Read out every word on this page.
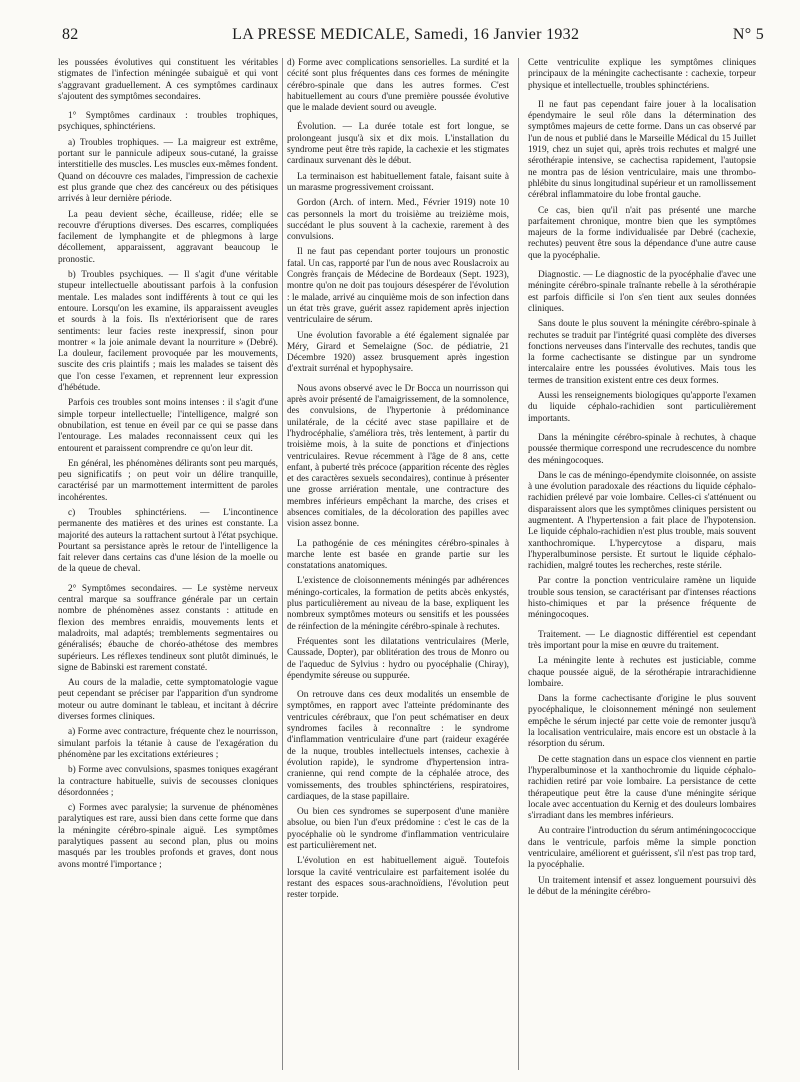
82	LA PRESSE MEDICALE, Samedi, 16 Janvier 1932	N° 5

les poussées évolutives qui constituent les véritables stigmates de l'infection méningée subaiguë et qui vont s'aggravant graduellement. A ces symptômes cardinaux s'ajoutent des symptômes secondaires.

1° Symptômes cardinaux : troubles trophiques, psychiques, sphinctériens.

a) Troubles trophiques. — La maigreur est extrême, portant sur le pannicule adipeux sous-cutané, la graisse interstitielle des muscles. Les muscles eux-mêmes fondent. Quand on découvre ces malades, l'impression de cachexie est plus grande que chez des cancéreux ou des pétisiques arrivés à leur dernière période.

La peau devient sèche, écailleuse, ridée; elle se recouvre d'éruptions diverses. Des escarres, compliquées facilement de lymphangite et de phlegmons à large décollement, apparaissent, aggravant beaucoup le pronostic.

b) Troubles psychiques. — Il s'agit d'une véritable stupeur intellectuelle aboutissant parfois à la confusion mentale. Les malades sont indifférents à tout ce qui les entoure. Lorsqu'on les examine, ils apparaissent aveugles et sourds à la fois. Ils n'extériorisent que de rares sentiments: leur facies reste inexpressif, sinon pour montrer « la joie animale devant la nourriture » (Debré). La douleur, facilement provoquée par les mouvements, suscite des cris plaintifs ; mais les malades se taisent dès que l'on cesse l'examen, et reprennent leur expression d'hébétude.

Parfois ces troubles sont moins intenses : il s'agit d'une simple torpeur intellectuelle; l'intelligence, malgré son obnubilation, est tenue en éveil par ce qui se passe dans l'entourage. Les malades reconnaissent ceux qui les entourent et paraissent comprendre ce qu'on leur dit.

En général, les phénomènes délirants sont peu marqués, peu significatifs ; on peut voir un délire tranquille, caractérisé par un marmottement intermittent de paroles incohérentes.

c) Troubles sphinctériens. — L'incontinence permanente des matières et des urines est constante. La majorité des auteurs la rattachent surtout à l'état psychique. Pourtant sa persistance après le retour de l'intelligence la fait relever dans certains cas d'une lésion de la moelle ou de la queue de cheval.

2° Symptômes secondaires. — Le système nerveux central marque sa souffrance générale par un certain nombre de phénomènes assez constants : attitude en flexion des membres enraidis, mouvements lents et maladroits, mal adaptés; tremblements segmentaires ou généralisés; ébauche de choréo-athétose des membres supérieurs. Les réflexes tendineux sont plutôt diminués, le signe de Babinski est rarement constaté.

Au cours de la maladie, cette symptomatologie vague peut cependant se préciser par l'apparition d'un syndrome moteur ou autre dominant le tableau, et incitant à décrire diverses formes cliniques.

a) Forme avec contracture, fréquente chez le nourrisson, simulant parfois la tétanie à cause de l'exagération du phénomène par les excitations extérieures ;

b) Forme avec convulsions, spasmes toniques exagérant la contracture habituelle, suivis de secousses cloniques désordonnées ;

c) Formes avec paralysie; la survenue de phénomènes paralytiques est rare, aussi bien dans cette forme que dans la méningite cérébro-spinale aiguë. Les symptômes paralytiques passent au second plan, plus ou moins masqués par les troubles profonds et graves, dont nous avons montré l'importance ;

d) Forme avec complications sensorielles. La surdité et la cécité sont plus fréquentes dans ces formes de méningite cérébro-spinale que dans les autres formes. C'est habituellement au cours d'une première poussée évolutive que le malade devient sourd ou aveugle.

Évolution. — La durée totale est fort longue, se prolongeant jusqu'à six et dix mois. L'installation du syndrome peut être très rapide, la cachexie et les stigmates cardinaux survenant dès le début.

La terminaison est habituellement fatale, faisant suite à un marasme progressivement croissant.

Gordon (Arch. of intern. Med., Février 1919) note 10 cas personnels la mort du troisième au treizième mois, succédant le plus souvent à la cachexie, rarement à des convulsions.

Il ne faut pas cependant porter toujours un pronostic fatal. Un cas, rapporté par l'un de nous avec Rouslacroix au Congrès français de Médecine de Bordeaux (Sept. 1923), montre qu'on ne doit pas toujours désespérer de l'évolution : le malade, arrivé au cinquième mois de son infection dans un état très grave, guérit assez rapidement après injection ventriculaire de sérum.

Une évolution favorable a été également signalée par Méry, Girard et Semelaigne (Soc. de pédiatrie, 21 Décembre 1920) assez brusquement après ingestion d'extrait surrénal et hypophysaire.

Nous avons observé avec le Dr Bocca un nourrisson qui après avoir présenté de l'amaigrissement, de la somnolence, des convulsions, de l'hypertonie à prédominance unilatérale, de la cécité avec stase papillaire et de l'hydrocéphalie, s'améliora très, très lentement, à partir du troisième mois, à la suite de ponctions et d'injections ventriculaires. Revue récemment à l'âge de 8 ans, cette enfant, à puberté très précoce (apparition récente des règles et des caractères sexuels secondaires), continue à présenter une grosse arriération mentale, une contracture des membres inférieurs empêchant la marche, des crises et absences comitiales, de la décoloration des papilles avec vision assez bonne.

La pathogénie de ces méningites cérébro-spinales à marche lente est basée en grande partie sur les constatations anatomiques.

L'existence de cloisonnements méningés par adhérences méningo-corticales, la formation de petits abcès enkystés, plus particulièrement au niveau de la base, expliquent les nombreux symptômes moteurs ou sensitifs et les poussées de réinfection de la méningite cérébro-spinale à rechutes.

Fréquentes sont les dilatations ventriculaires (Merle, Caussade, Dopter), par oblitération des trous de Monro ou de l'aqueduc de Sylvius : hydro ou pyocéphalie (Chiray), épendymite séreuse ou suppurée.

On retrouve dans ces deux modalités un ensemble de symptômes, en rapport avec l'atteinte prédominante des ventricules cérébraux, que l'on peut schématiser en deux syndromes faciles à reconnaître : le syndrome d'inflammation ventriculaire d'une part (raideur exagérée de la nuque, troubles intellectuels intenses, cachexie à évolution rapide), le syndrome d'hypertension intra-cranienne, qui rend compte de la céphalée atroce, des vomissements, des troubles sphinctériens, respiratoires, cardiaques, de la stase papillaire.

Ou bien ces syndromes se superposent d'une manière absolue, ou bien l'un d'eux prédomine : c'est le cas de la pyocéphalie où le syndrome d'inflammation ventriculaire est particulièrement net.

L'évolution en est habituellement aiguë. Toutefois lorsque la cavité ventriculaire est parfaitement isolée du restant des espaces sous-arachnoïdiens, l'évolution peut rester torpide.

Cette ventriculite explique les symptômes cliniques principaux de la méningite cachectisante : cachexie, torpeur physique et intellectuelle, troubles sphinctériens.

Il ne faut pas cependant faire jouer à la localisation épendymaire le seul rôle dans la détermination des symptômes majeurs de cette forme. Dans un cas observé par l'un de nous et publié dans le Marseille Médical du 15 Juillet 1919, chez un sujet qui, après trois rechutes et malgré une sérothérapie intensive, se cachectisa rapidement, l'autopsie ne montra pas de lésion ventriculaire, mais une thrombo-phlébite du sinus longitudinal supérieur et un ramollissement cérébral inflammatoire du lobe frontal gauche.

Ce cas, bien qu'il n'ait pas présenté une marche parfaitement chronique, montre bien que les symptômes majeurs de la forme individualisée par Debré (cachexie, rechutes) peuvent être sous la dépendance d'une autre cause que la pyocéphalie.

Diagnostic. — Le diagnostic de la pyocéphalie d'avec une méningite cérébro-spinale traînante rebelle à la sérothérapie est parfois difficile si l'on s'en tient aux seules données cliniques.

Sans doute le plus souvent la méningite cérébro-spinale à rechutes se traduit par l'intégrité quasi complète des diverses fonctions nerveuses dans l'intervalle des rechutes, tandis que la forme cachectisante se distingue par un syndrome intercalaire entre les poussées évolutives. Mais tous les termes de transition existent entre ces deux formes.

Aussi les renseignements biologiques qu'apporte l'examen du liquide céphalo-rachidien sont particulièrement importants.

Dans la méningite cérébro-spinale à rechutes, à chaque poussée thermique correspond une recrudescence du nombre des méningocoques.

Dans le cas de méningo-épendymite cloisonnée, on assiste à une évolution paradoxale des réactions du liquide céphalo-rachidien prélevé par voie lombaire. Celles-ci s'atténuent ou disparaissent alors que les symptômes cliniques persistent ou augmentent. A l'hypertension a fait place de l'hypotension. Le liquide céphalo-rachidien n'est plus trouble, mais souvent xanthochromique. L'hypercytose a disparu, mais l'hyperalbuminose persiste. Et surtout le liquide céphalo-rachidien, malgré toutes les recherches, reste stérile.

Par contre la ponction ventriculaire ramène un liquide trouble sous tension, se caractérisant par d'intenses réactions histo-chimiques et par la présence fréquente de méningocoques.

Traitement. — Le diagnostic différentiel est cependant très important pour la mise en œuvre du traitement.

La méningite lente à rechutes est justiciable, comme chaque poussée aiguë, de la sérothérapie intrarachidienne lombaire.

Dans la forme cachectisante d'origine le plus souvent pyocéphalique, le cloisonnement méningé non seulement empêche le sérum injecté par cette voie de remonter jusqu'à la localisation ventriculaire, mais encore est un obstacle à la résorption du sérum.

De cette stagnation dans un espace clos viennent en partie l'hyperalbuminose et la xanthochromie du liquide céphalo-rachidien retiré par voie lombaire. La persistance de cette thérapeutique peut être la cause d'une méningite sérique locale avec accentuation du Kernig et des douleurs lombaires s'irradiant dans les membres inférieurs.

Au contraire l'introduction du sérum antiméningococcique dans le ventricule, parfois même la simple ponction ventriculaire, améliorent et guérissent, s'il n'est pas trop tard, la pyocéphalie.

Un traitement intensif et assez longuement poursuivi dès le début de la méningite cérébro-
